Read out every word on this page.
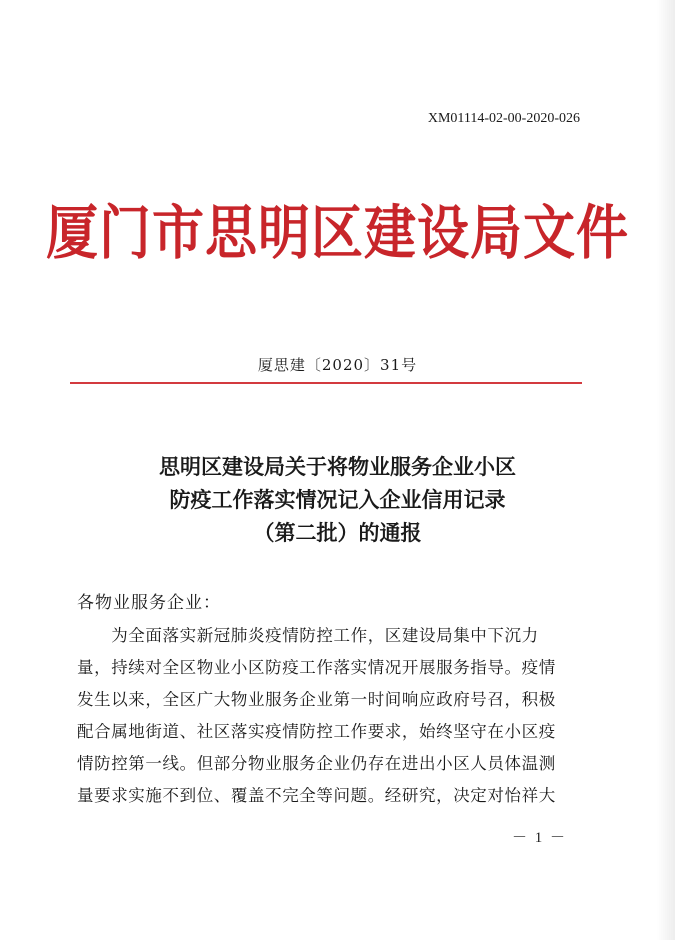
XM01114-02-00-2020-026
厦门市思明区建设局文件
厦思建〔2020〕31号
思明区建设局关于将物业服务企业小区
防疫工作落实情况记入企业信用记录
（第二批）的通报
各物业服务企业：
　　为全面落实新冠肺炎疫情防控工作，区建设局集中下沉力
量，持续对全区物业小区防疫工作落实情况开展服务指导。疫情
发生以来，全区广大物业服务企业第一时间响应政府号召，积极
配合属地街道、社区落实疫情防控工作要求，始终坚守在小区疫
情防控第一线。但部分物业服务企业仍存在进出小区人员体温测
量要求实施不到位、覆盖不完全等问题。经研究，决定对怡祥大
－ 1 －
